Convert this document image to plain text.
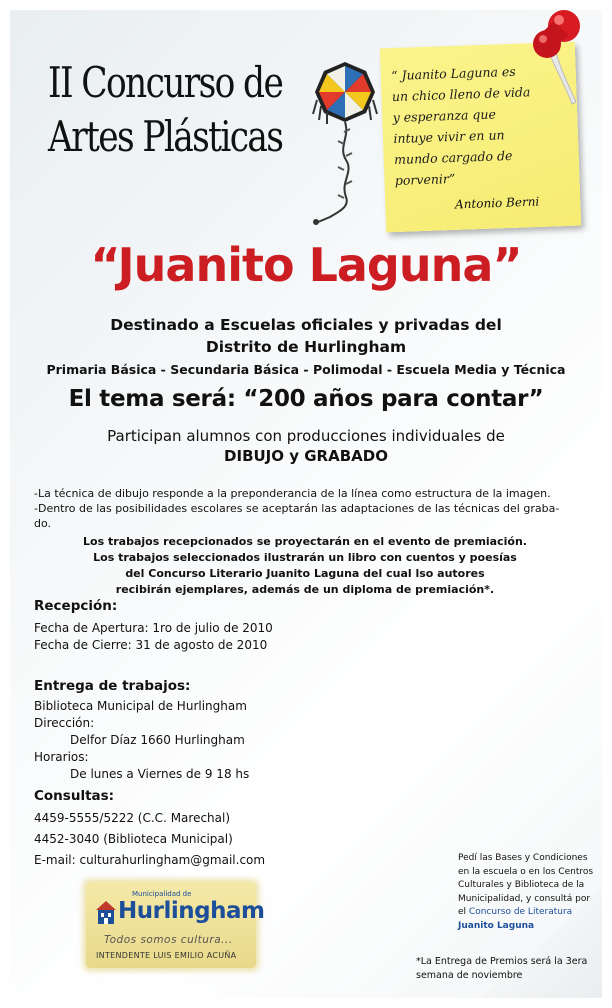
II Concurso de
Artes Plásticas
“ Juanito Laguna es
un chico lleno de vida
y esperanza que
intuye vivir en un
mundo cargado de
porvenir”
Antonio Berni
“Juanito Laguna”
Destinado a Escuelas oficiales y privadas del
Distrito de Hurlingham
Primaria Básica - Secundaria Básica - Polimodal - Escuela Media y Técnica
El tema será: “200 años para contar”
Participan alumnos con producciones individuales de
DIBUJO y GRABADO
-La técnica de dibujo responde a la preponderancia de la línea como estructura de la imagen.
-Dentro de las posibilidades escolares se aceptarán las adaptaciones de las técnicas del graba-
do.
Los trabajos recepcionados se proyectarán en el evento de premiación.
Los trabajos seleccionados ilustrarán un libro con cuentos y poesías
del Concurso Literario Juanito Laguna del cual lso autores
recibirán ejemplares, además de un diploma de premiación*.
Recepción:
Fecha de Apertura: 1ro de julio de 2010
Fecha de Cierre: 31 de agosto de 2010
Entrega de trabajos:
Biblioteca Municipal de Hurlingham
Dirección:
Delfor Díaz 1660 Hurlingham
Horarios:
De lunes a Viernes de 9 18 hs
Consultas:
4459-5555/5222 (C.C. Marechal)
4452-3040 (Biblioteca Municipal)
E-mail: culturahurlingham@gmail.com
Municipalidad de
Hurlingham
Todos somos cultura...
INTENDENTE LUIS EMILIO ACUÑA
Pedí las Bases y Condiciones en la escuela o en los Centros Culturales y Biblioteca de la Municipalidad, y consultá por el Concurso de Literatura Juanito Laguna
*La Entrega de Premios será la 3era semana de noviembre
